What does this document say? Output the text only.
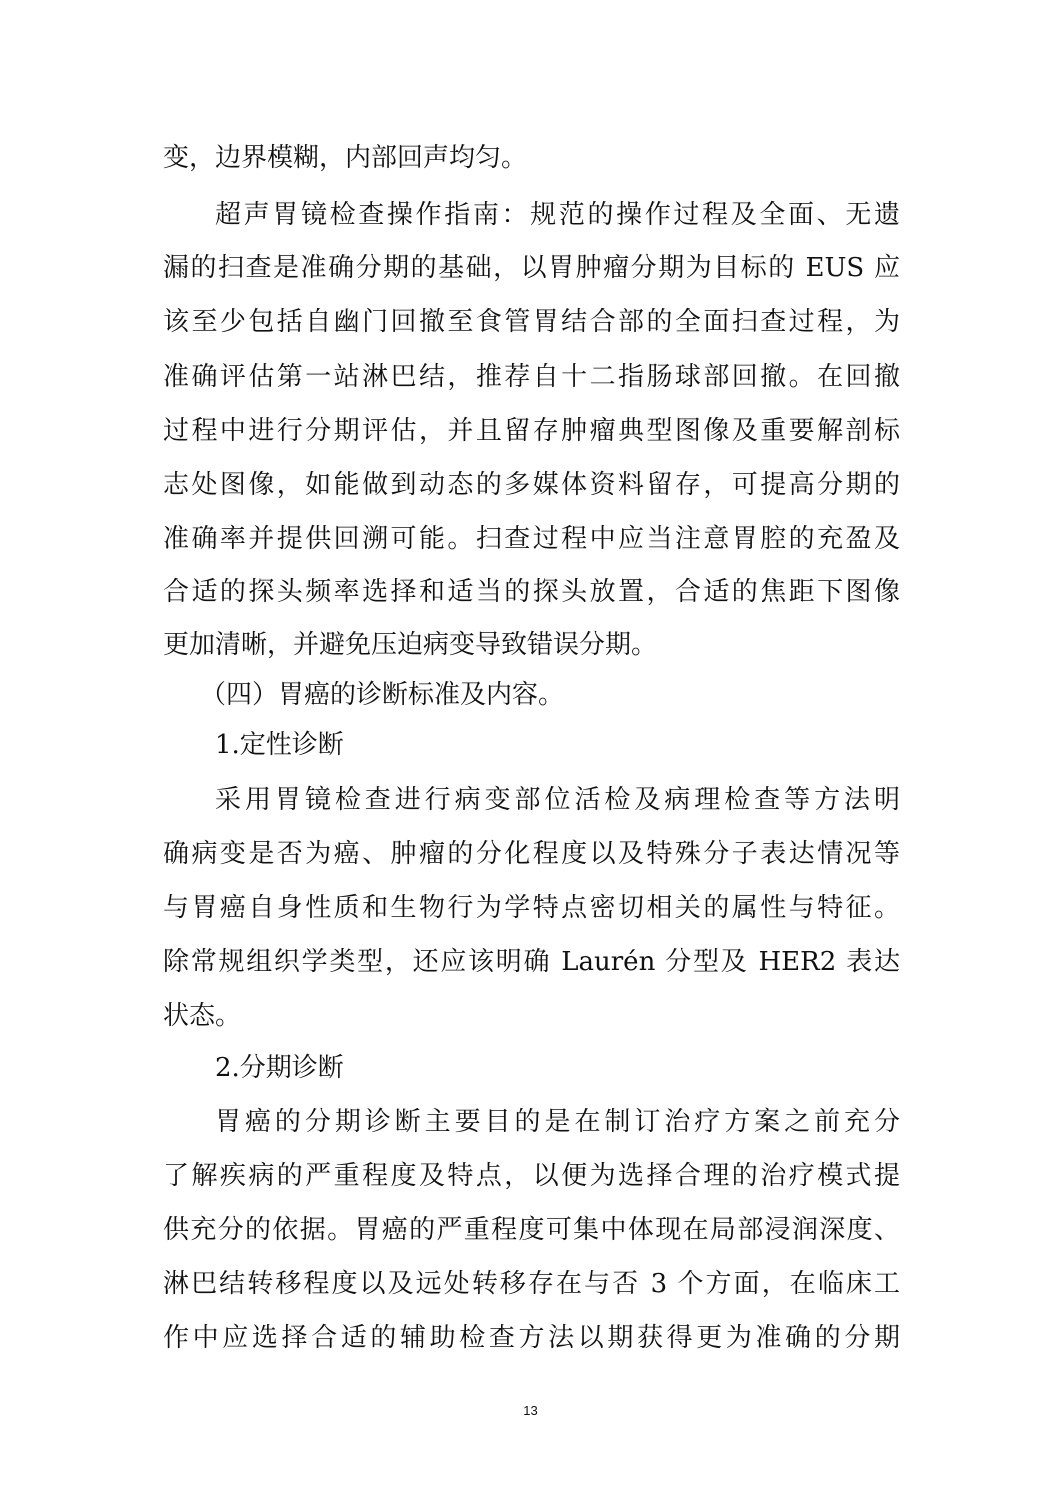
变，边界模糊，内部回声均匀。
超声胃镜检查操作指南：规范的操作过程及全面、无遗
漏的扫查是准确分期的基础，以胃肿瘤分期为目标的 EUS 应
该至少包括自幽门回撤至食管胃结合部的全面扫查过程，为
准确评估第一站淋巴结，推荐自十二指肠球部回撤。在回撤
过程中进行分期评估，并且留存肿瘤典型图像及重要解剖标
志处图像，如能做到动态的多媒体资料留存，可提高分期的
准确率并提供回溯可能。扫查过程中应当注意胃腔的充盈及
合适的探头频率选择和适当的探头放置，合适的焦距下图像
更加清晰，并避免压迫病变导致错误分期。
（四）胃癌的诊断标准及内容。
1.定性诊断
采用胃镜检查进行病变部位活检及病理检查等方法明
确病变是否为癌、肿瘤的分化程度以及特殊分子表达情况等
与胃癌自身性质和生物行为学特点密切相关的属性与特征。
除常规组织学类型，还应该明确 Laurén 分型及 HER2 表达
状态。
2.分期诊断
胃癌的分期诊断主要目的是在制订治疗方案之前充分
了解疾病的严重程度及特点，以便为选择合理的治疗模式提
供充分的依据。胃癌的严重程度可集中体现在局部浸润深度、
淋巴结转移程度以及远处转移存在与否 3 个方面，在临床工
作中应选择合适的辅助检查方法以期获得更为准确的分期
13
